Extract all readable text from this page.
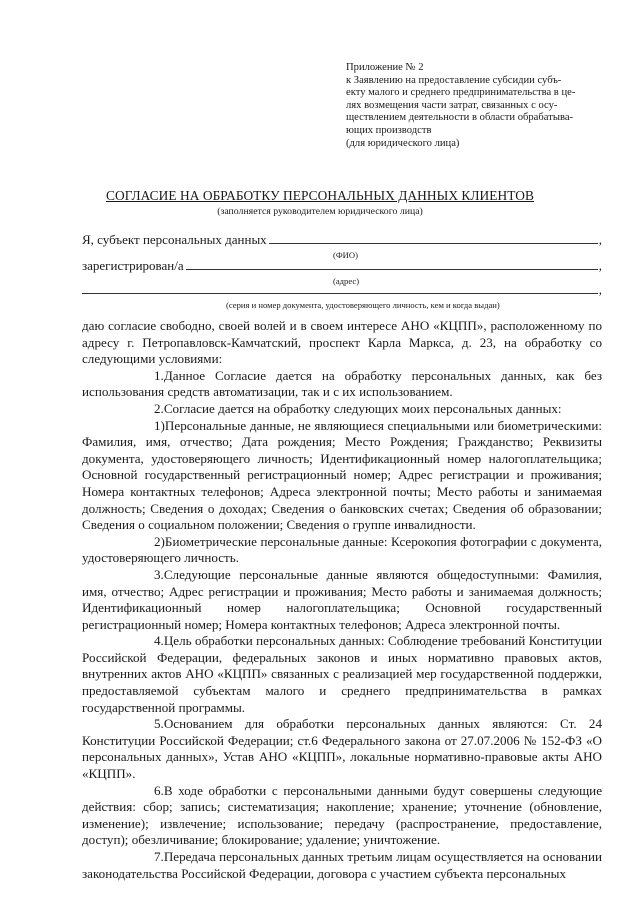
Приложение № 2
к Заявлению на предоставление субсидии субъ-
екту малого и среднего предпринимательства в це-
лях возмещения части затрат, связанных с осу-
ществлением деятельности в области обрабатыва-
ющих производств
(для юридического лица)
СОГЛАСИЕ НА ОБРАБОТКУ ПЕРСОНАЛЬНЫХ ДАННЫХ КЛИЕНТОВ
(заполняется руководителем юридического лица)
Я, субъект персональных данных	,
(ФИО)
зарегистрирован/а	,
(адрес)
,
(серия и номер документа, удостоверяющего личность, кем и когда выдан)

даю согласие свободно, своей волей и в своем интересе АНО «КЦПП», расположенному по адресу г. Петропавловск-Камчатский, проспект Карла Маркса, д. 23, на обработку со следующими условиями:

1.Данное Согласие дается на обработку персональных данных, как без использования средств автоматизации, так и с их использованием.

2.Согласие дается на обработку следующих моих персональных данных:

1)Персональные данные, не являющиеся специальными или биометрическими: Фамилия, имя, отчество; Дата рождения; Место Рождения; Гражданство; Реквизиты документа, удостоверяющего личность; Идентификационный номер налогоплательщика; Основной государственный регистрационный номер; Адрес регистрации и проживания; Номера контактных телефонов; Адреса электронной почты; Место работы и занимаемая должность; Сведения о доходах; Сведения о банковских счетах; Сведения об образовании; Сведения о социальном положении; Сведения о группе инвалидности.

2)Биометрические персональные данные: Ксерокопия фотографии с документа, удостоверяющего личность.

3.Следующие персональные данные являются общедоступными: Фамилия, имя, отчество; Адрес регистрации и проживания; Место работы и занимаемая должность; Идентификационный номер налогоплательщика; Основной государственный регистрационный номер; Номера контактных телефонов; Адреса электронной почты.

4.Цель обработки персональных данных: Соблюдение требований Конституции Российской Федерации, федеральных законов и иных нормативно правовых актов, внутренних актов АНО «КЦПП» связанных с реализацией мер государственной поддержки, предоставляемой субъектам малого и среднего предпринимательства в рамках государственной программы.

5.Основанием для обработки персональных данных являются: Ст. 24 Конституции Российской Федерации; ст.6 Федерального закона от 27.07.2006 № 152-ФЗ «О персональных данных», Устав АНО «КЦПП», локальные нормативно-правовые акты АНО «КЦПП».

6.В ходе обработки с персональными данными будут совершены следующие действия: сбор; запись; систематизация; накопление; хранение; уточнение (обновление, изменение); извлечение; использование; передачу (распространение, предоставление, доступ); обезличивание; блокирование; удаление; уничтожение.

7.Передача персональных данных третьим лицам осуществляется на основании законодательства Российской Федерации, договора с участием субъекта персональных
